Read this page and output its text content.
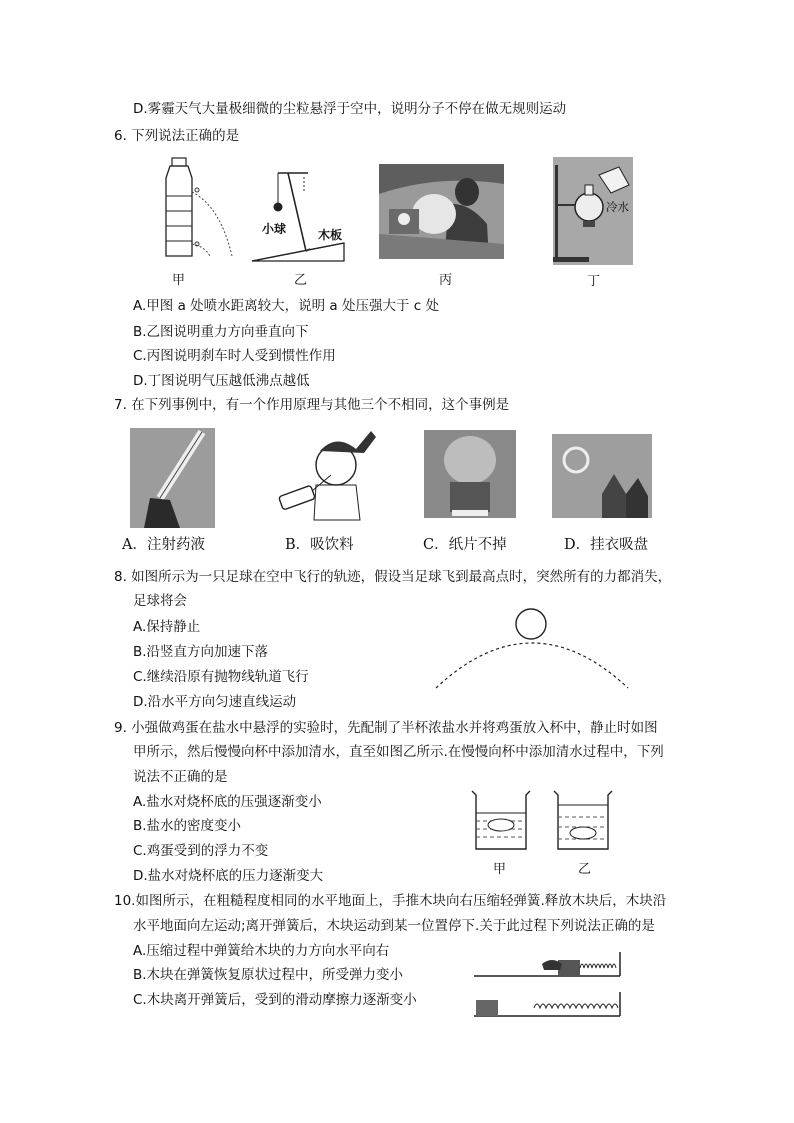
D.雾霾天气大量极细微的尘粒悬浮于空中，说明分子不停在做无规则运动
6. 下列说法正确的是
甲
小球	木板
乙	丙
冷水
丁
A.甲图 a 处喷水距离较大，说明 a 处压强大于 c 处
B.乙图说明重力方向垂直向下
C.丙图说明刹车时人受到惯性作用
D.丁图说明气压越低沸点越低
7. 在下列事例中，有一个作用原理与其他三个不相同，这个事例是
A．注射药液	B．吸饮料	C．纸片不掉	D．挂衣吸盘
8. 如图所示为一只足球在空中飞行的轨迹，假设当足球飞到最高点时，突然所有的力都消失，
足球将会
A.保持静止
B.沿竖直方向加速下落
C.继续沿原有抛物线轨道飞行
D.沿水平方向匀速直线运动
9. 小强做鸡蛋在盐水中悬浮的实验时，先配制了半杯浓盐水并将鸡蛋放入杯中，静止时如图
甲所示，然后慢慢向杯中添加清水，直至如图乙所示.在慢慢向杯中添加清水过程中，下列
说法不正确的是
A.盐水对烧杯底的压强逐渐变小
B.盐水的密度变小
C.鸡蛋受到的浮力不变
D.盐水对烧杯底的压力逐渐变大	甲	乙
10.如图所示，在粗糙程度相同的水平地面上，手推木块向右压缩轻弹簧.释放木块后，木块沿
水平地面向左运动;离开弹簧后，木块运动到某一位置停下.关于此过程下列说法正确的是
A.压缩过程中弹簧给木块的力方向水平向右
B.木块在弹簧恢复原状过程中，所受弹力变小
C.木块离开弹簧后，受到的滑动摩擦力逐渐变小
